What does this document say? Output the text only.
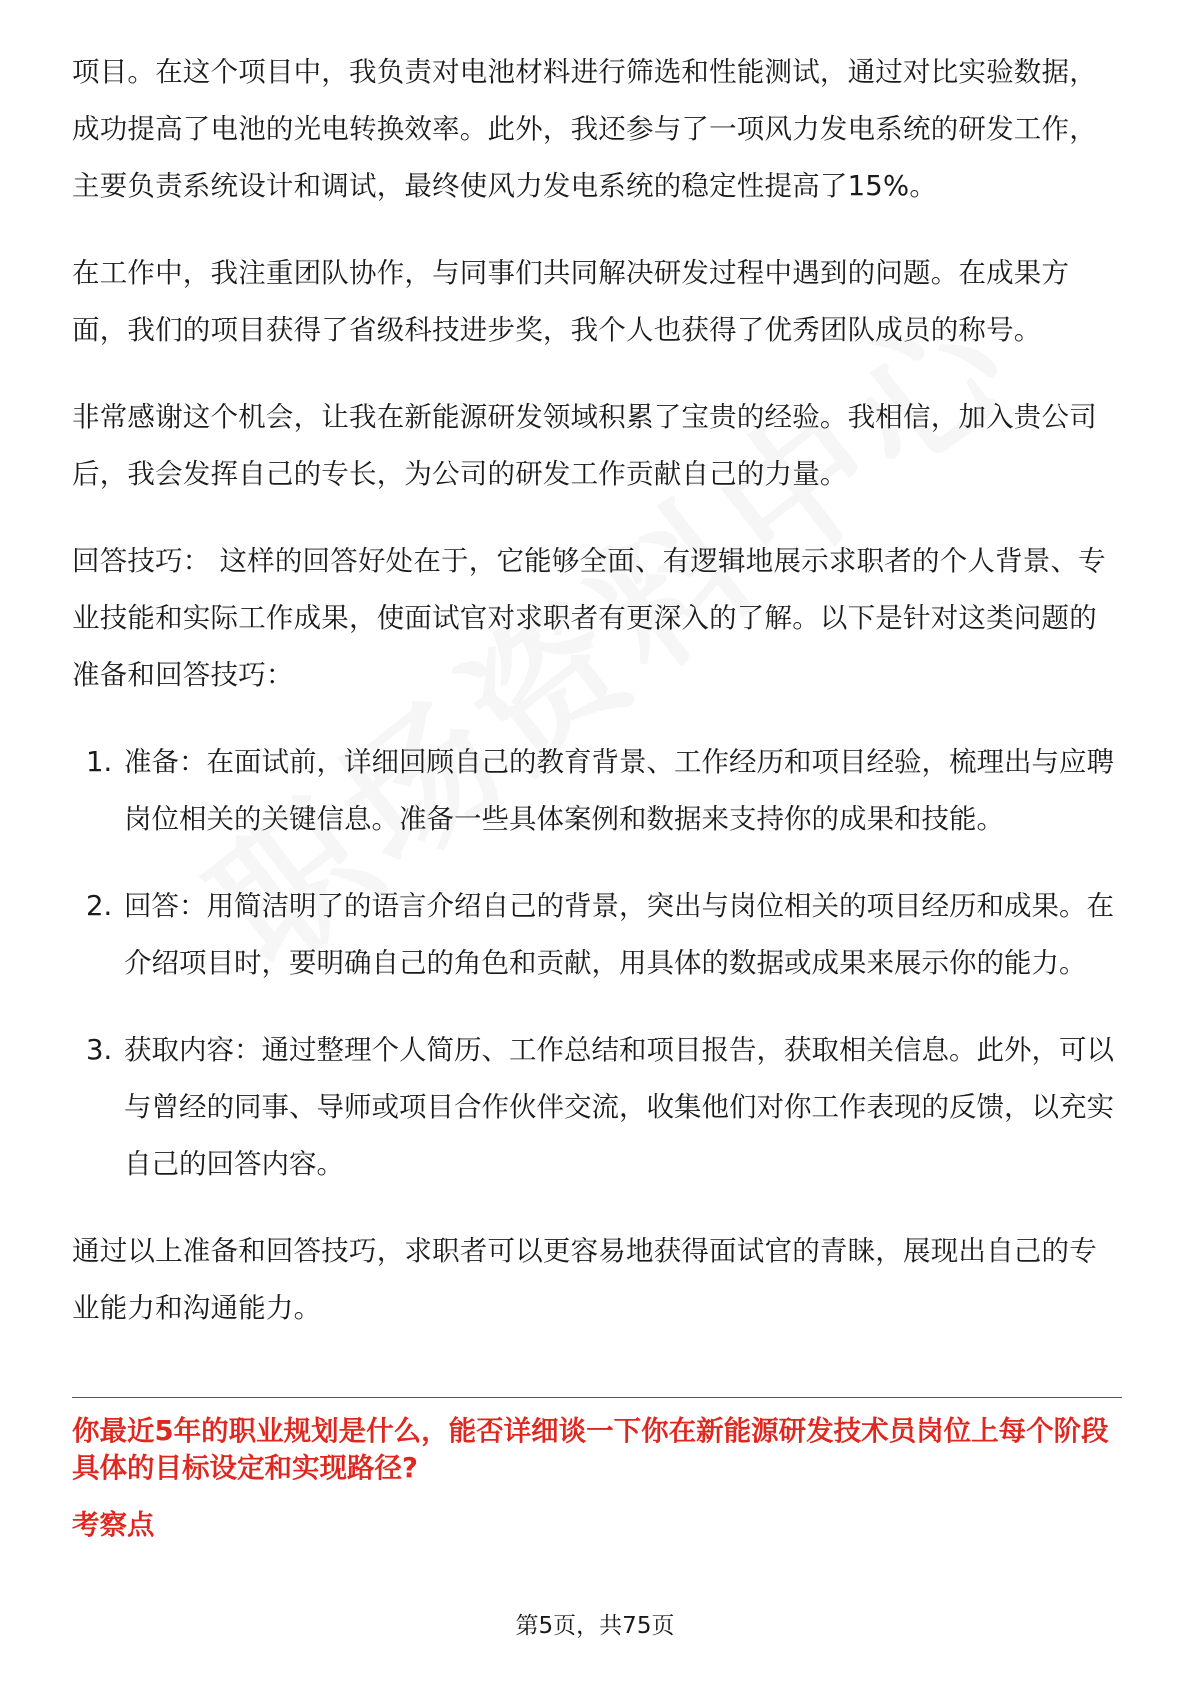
项目。在这个项目中，我负责对电池材料进行筛选和性能测试，通过对比实验数据，成功提高了电池的光电转换效率。此外，我还参与了一项风力发电系统的研发工作，主要负责系统设计和调试，最终使风力发电系统的稳定性提高了15%。

在工作中，我注重团队协作，与同事们共同解决研发过程中遇到的问题。在成果方面，我们的项目获得了省级科技进步奖，我个人也获得了优秀团队成员的称号。

非常感谢这个机会，让我在新能源研发领域积累了宝贵的经验。我相信，加入贵公司后，我会发挥自己的专长，为公司的研发工作贡献自己的力量。

回答技巧： 这样的回答好处在于，它能够全面、有逻辑地展示求职者的个人背景、专业技能和实际工作成果，使面试官对求职者有更深入的了解。以下是针对这类问题的准备和回答技巧：

1. 准备：在面试前，详细回顾自己的教育背景、工作经历和项目经验，梳理出与应聘岗位相关的关键信息。准备一些具体案例和数据来支持你的成果和技能。
2. 回答：用简洁明了的语言介绍自己的背景，突出与岗位相关的项目经历和成果。在介绍项目时，要明确自己的角色和贡献，用具体的数据或成果来展示你的能力。
3. 获取内容：通过整理个人简历、工作总结和项目报告，获取相关信息。此外，可以与曾经的同事、导师或项目合作伙伴交流，收集他们对你工作表现的反馈，以充实自己的回答内容。

通过以上准备和回答技巧，求职者可以更容易地获得面试官的青睐，展现出自己的专业能力和沟通能力。

你最近5年的职业规划是什么，能否详细谈一下你在新能源研发技术员岗位上每个阶段具体的目标设定和实现路径?

考察点

第5页，共75页
